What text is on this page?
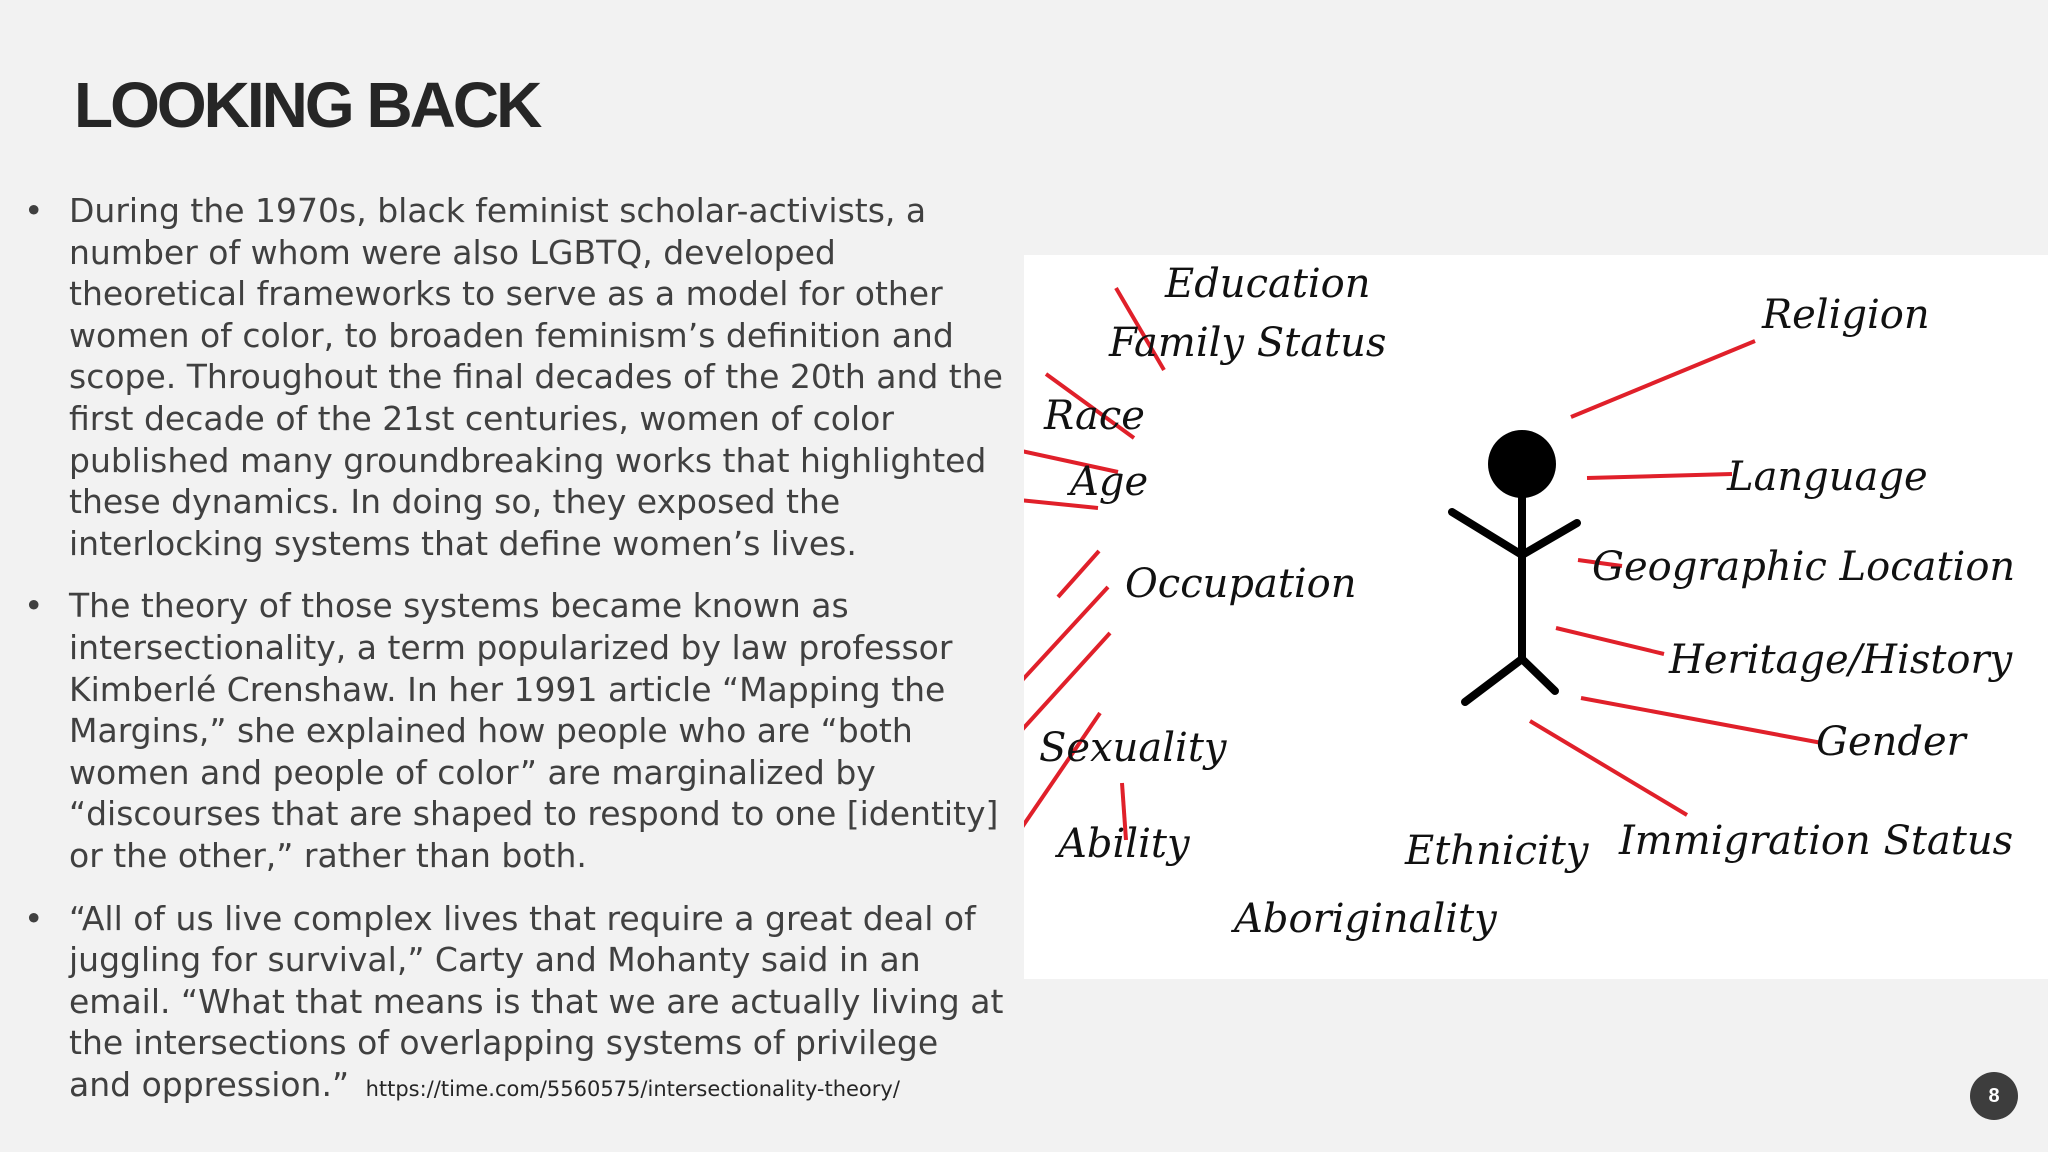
LOOKING BACK
• During the 1970s, black feminist scholar-activists, a number of whom were also LGBTQ, developed theoretical frameworks to serve as a model for other women of color, to broaden feminism’s definition and scope. Throughout the final decades of the 20th and the first decade of the 21st centuries, women of color published many groundbreaking works that highlighted these dynamics. In doing so, they exposed the interlocking systems that define women’s lives.
• The theory of those systems became known as intersectionality, a term popularized by law professor Kimberlé Crenshaw. In her 1991 article “Mapping the Margins,” she explained how people who are “both women and people of color” are marginalized by “discourses that are shaped to respond to one [identity] or the other,” rather than both.
• “All of us live complex lives that require a great deal of juggling for survival,” Carty and Mohanty said in an email. “What that means is that we are actually living at the intersections of overlapping systems of privilege and oppression.” https://time.com/5560575/intersectionality-theory/
Education
Family Status
Religion
Race
Age	Language
Occupation	Geographic Location
Heritage/History
Sexuality	Gender
Ability	Ethnicity Immigration Status
Aboriginality
8
